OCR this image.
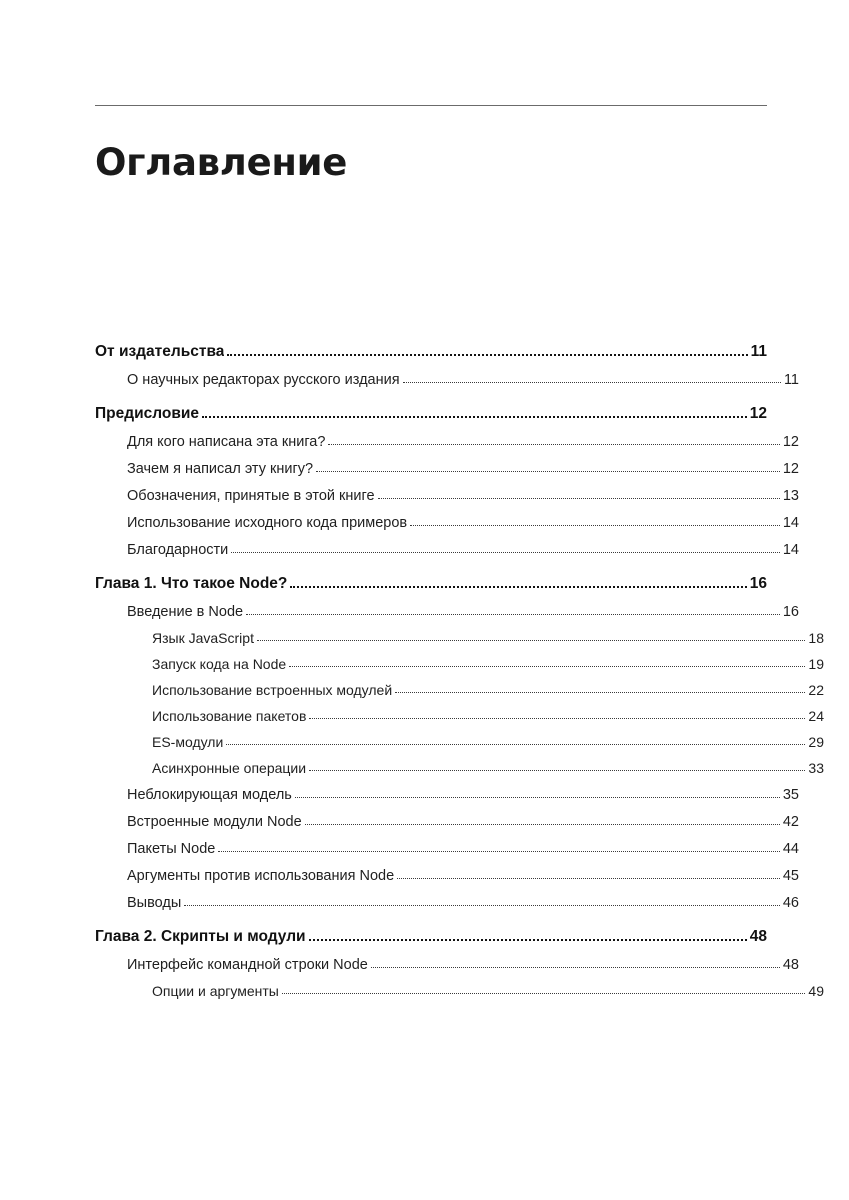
Оглавление
От издательства	11
О научных редакторах русского издания	11
Предисловие	12
Для кого написана эта книга?	12
Зачем я написал эту книгу?	12
Обозначения, принятые в этой книге	13
Использование исходного кода примеров	14
Благодарности	14
Глава 1. Что такое Node?	16
Введение в Node	16
Язык JavaScript	18
Запуск кода на Node	19
Использование встроенных модулей	22
Использование пакетов	24
ES-модули	29
Асинхронные операции	33
Неблокирующая модель	35
Встроенные модули Node	42
Пакеты Node	44
Аргументы против использования Node	45
Выводы	46
Глава 2. Скрипты и модули	48
Интерфейс командной строки Node	48
Опции и аргументы	49
